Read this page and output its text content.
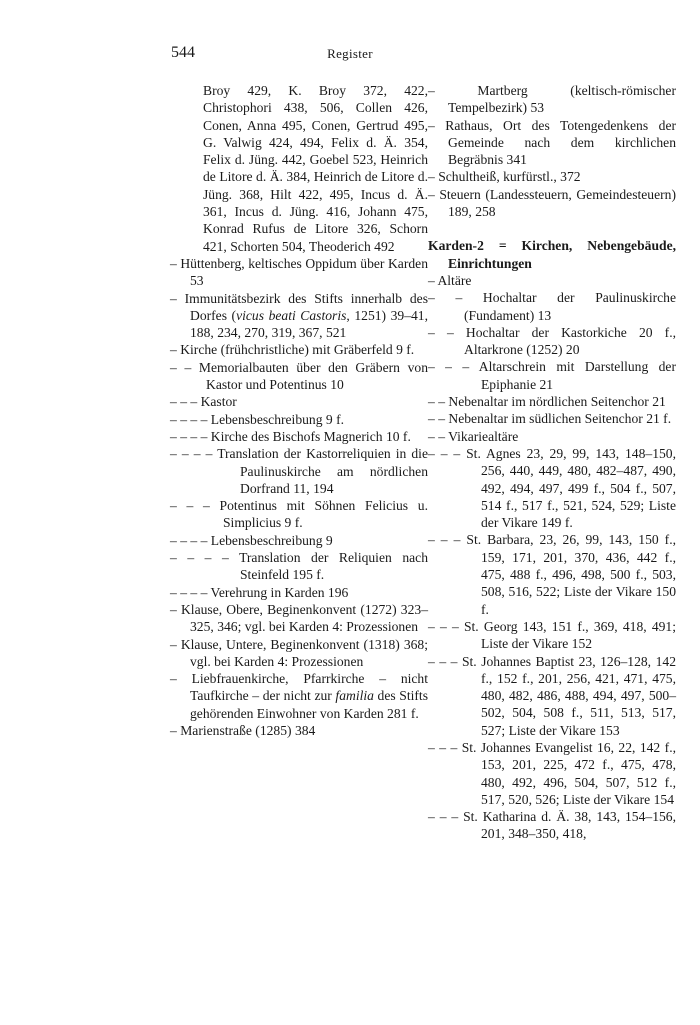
544	Register

Broy 429, K. Broy 372, 422, Christophori 438, 506, Collen 426, Conen, Anna 495, Conen, Gertrud 495, G. Valwig 424, 494, Felix d. Ä. 354, Felix d. Jüng. 442, Goebel 523, Heinrich de Litore d. Ä. 384, Heinrich de Litore d. Jüng. 368, Hilt 422, 495, Incus d. Ä. 361, Incus d. Jüng. 416, Johann 475, Konrad Rufus de Litore 326, Schorn 421, Schorten 504, Theoderich 492

– Hüttenberg, keltisches Oppidum über Karden 53

– Immunitätsbezirk des Stifts innerhalb des Dorfes (vicus beati Castoris, 1251) 39–41, 188, 234, 270, 319, 367, 521

– Kirche (frühchristliche) mit Gräberfeld 9 f.

– – Memorialbauten über den Gräbern von Kastor und Potentinus 10

– – – Kastor

– – – – Lebensbeschreibung 9 f.

– – – – Kirche des Bischofs Magnerich 10 f.

– – – – Translation der Kastorreliquien in die Paulinuskirche am nördlichen Dorfrand 11, 194

– – – Potentinus mit Söhnen Felicius u. Simplicius 9 f.

– – – – Lebensbeschreibung 9

– – – – Translation der Reliquien nach Steinfeld 195 f.

– – – – Verehrung in Karden 196

– Klause, Obere, Beginenkonvent (1272) 323–325, 346; vgl. bei Karden 4: Prozessionen

– Klause, Untere, Beginenkonvent (1318) 368; vgl. bei Karden 4: Prozessionen

– Liebfrauenkirche, Pfarrkirche – nicht Taufkirche – der nicht zur familia des Stifts gehörenden Einwohner von Karden 281 f.

– Marienstraße (1285) 384

– Martberg (keltisch-römischer Tempelbezirk) 53

– Rathaus, Ort des Totengedenkens der Gemeinde nach dem kirchlichen Begräbnis 341

– Schultheiß, kurfürstl., 372

– Steuern (Landessteuern, Gemeindesteuern) 189, 258

Karden-2 = Kirchen, Nebengebäude, Einrichtungen

– Altäre

– – Hochaltar der Paulinuskirche (Fundament) 13

– – Hochaltar der Kastorkiche 20 f., Altarkrone (1252) 20

– – – Altarschrein mit Darstellung der Epiphanie 21

– – Nebenaltar im nördlichen Seitenchor 21

– – Nebenaltar im südlichen Seitenchor 21 f.

– – Vikariealtäre

– – – St. Agnes 23, 29, 99, 143, 148–150, 256, 440, 449, 480, 482–487, 490, 492, 494, 497, 499 f., 504 f., 507, 514 f., 517 f., 521, 524, 529; Liste der Vikare 149 f.

– – – St. Barbara, 23, 26, 99, 143, 150 f., 159, 171, 201, 370, 436, 442 f., 475, 488 f., 496, 498, 500 f., 503, 508, 516, 522; Liste der Vikare 150 f.

– – – St. Georg 143, 151 f., 369, 418, 491; Liste der Vikare 152

– – – St. Johannes Baptist 23, 126–128, 142 f., 152 f., 201, 256, 421, 471, 475, 480, 482, 486, 488, 494, 497, 500–502, 504, 508 f., 511, 513, 517, 527; Liste der Vikare 153

– – – St. Johannes Evangelist 16, 22, 142 f., 153, 201, 225, 472 f., 475, 478, 480, 492, 496, 504, 507, 512 f., 517, 520, 526; Liste der Vikare 154

– – – St. Katharina d. Ä. 38, 143, 154–156, 201, 348–350, 418,
